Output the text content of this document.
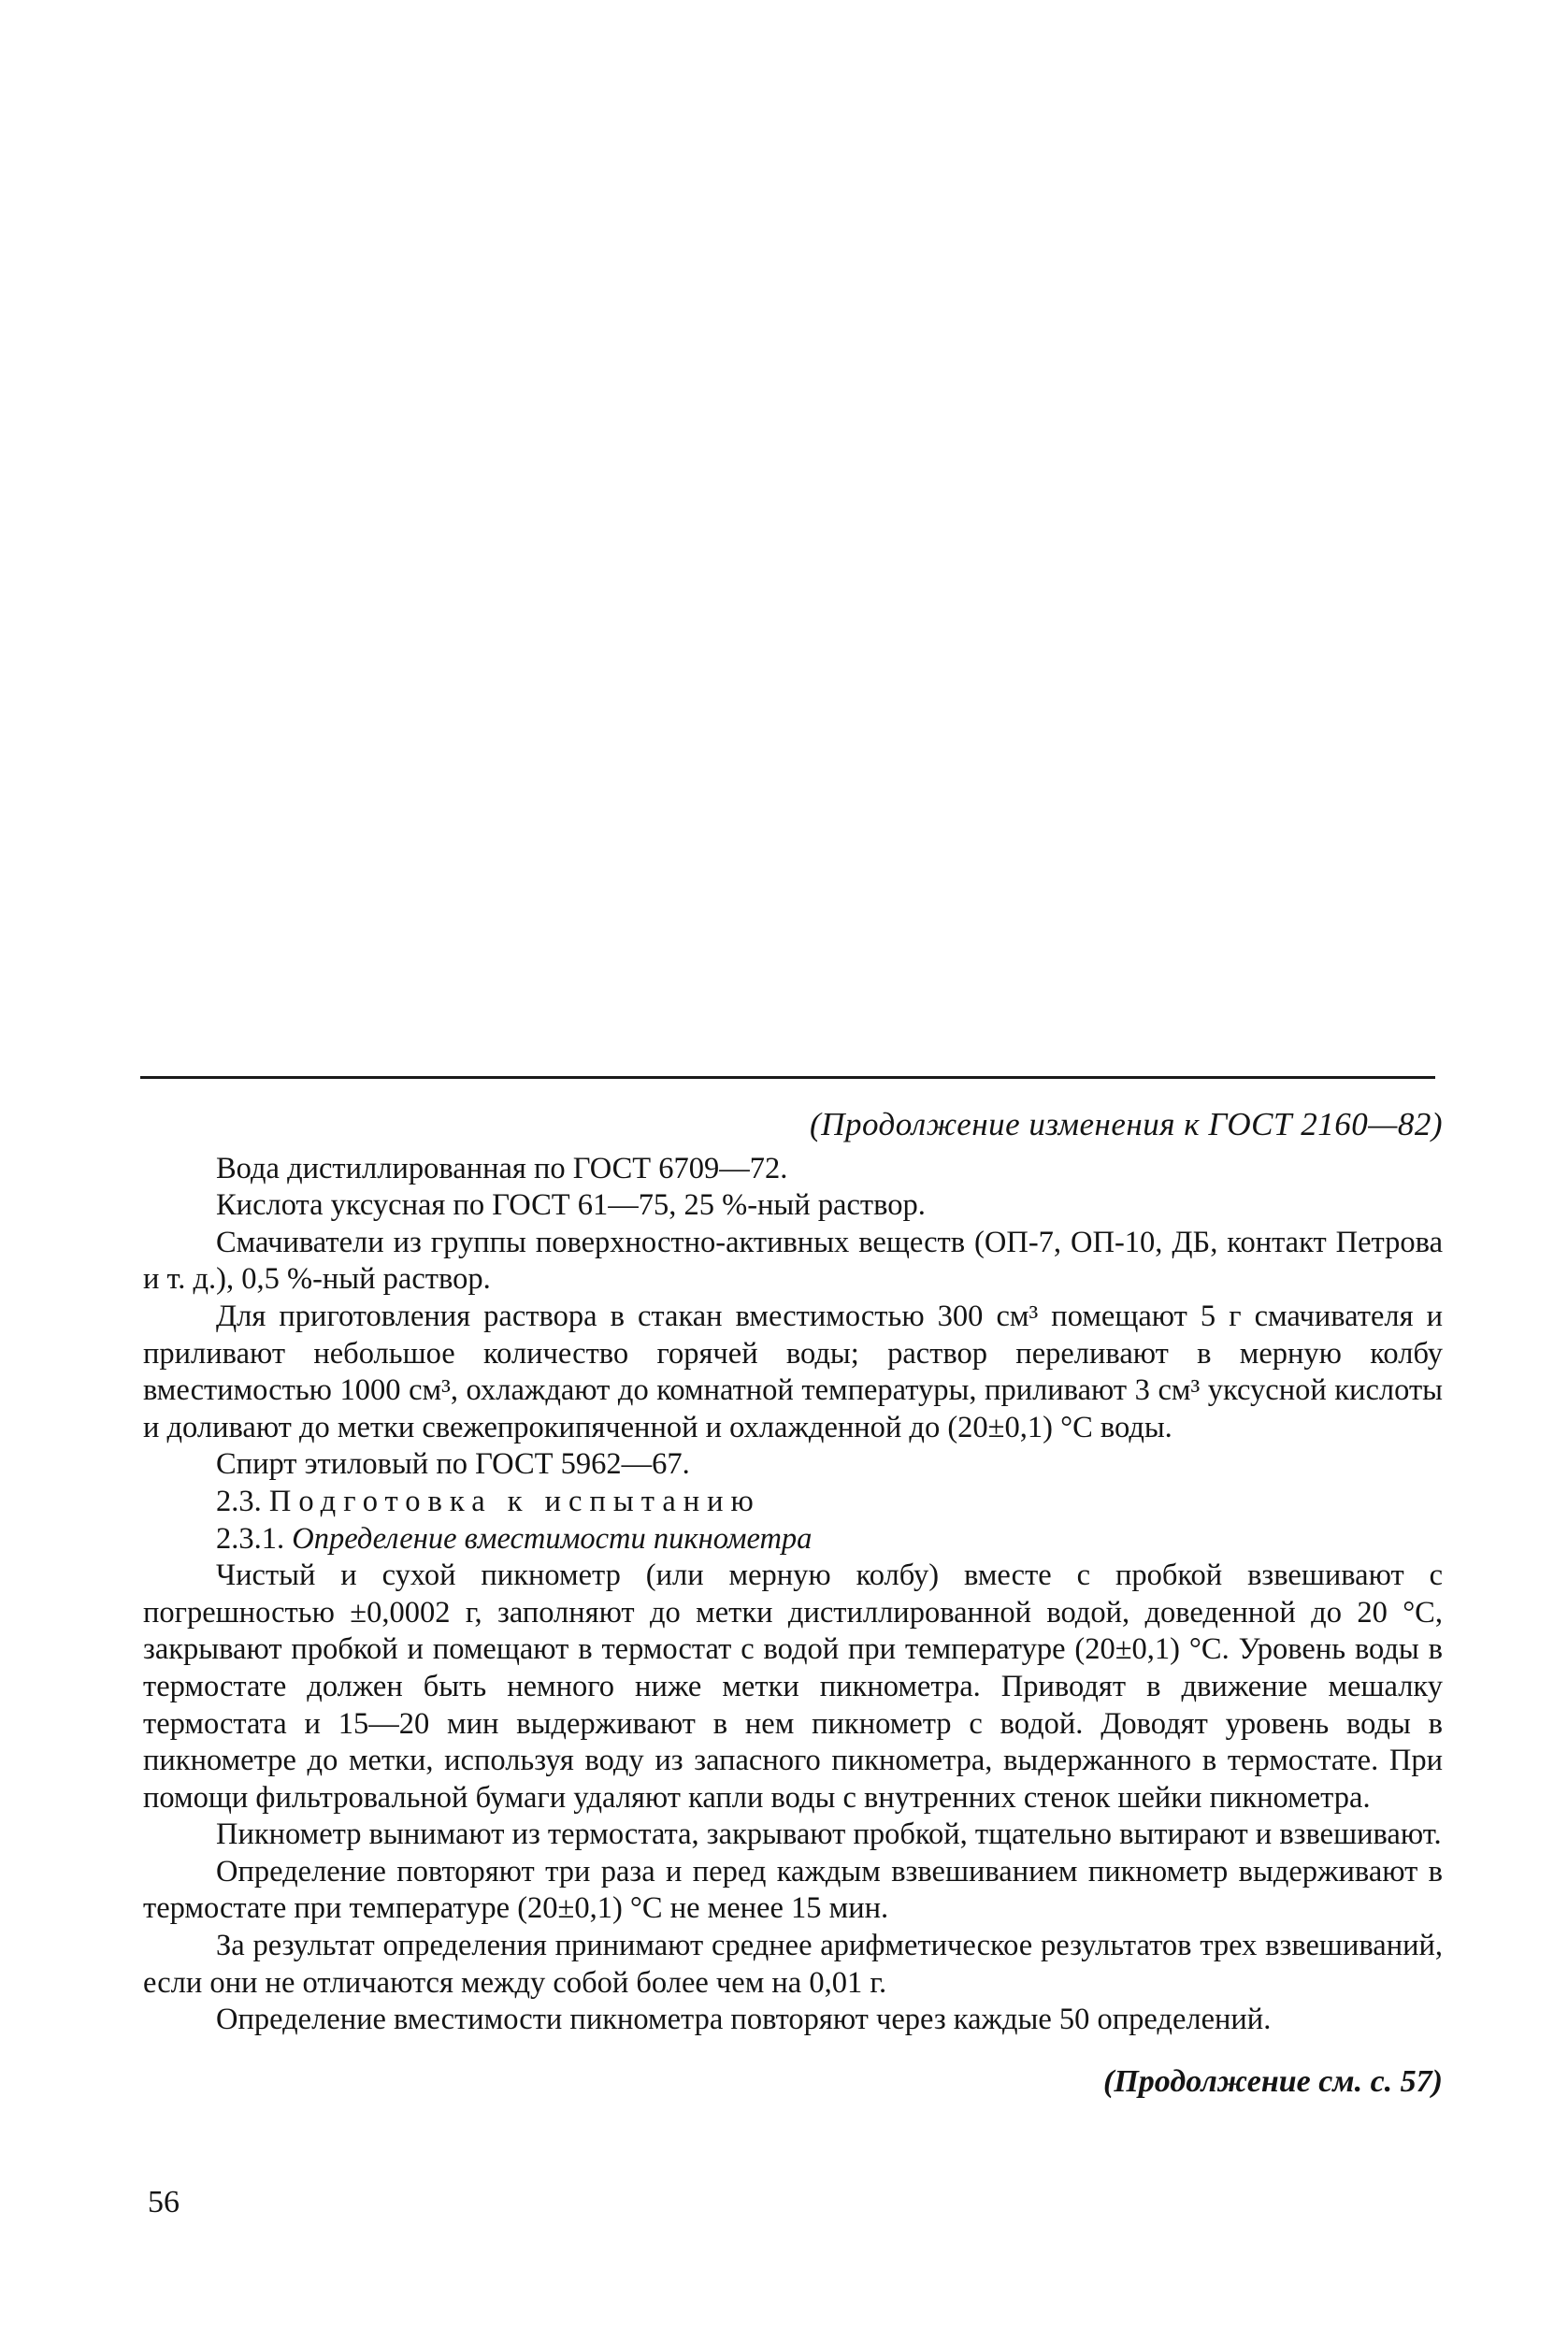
(Продолжение изменения к ГОСТ 2160—82)

Вода дистиллированная по ГОСТ 6709—72.

Кислота уксусная по ГОСТ 61—75, 25 %-ный раствор.

Смачиватели из группы поверхностно-активных веществ (ОП-7, ОП-10, ДБ, контакт Петрова и т. д.), 0,5 %-ный раствор.

Для приготовления раствора в стакан вместимостью 300 см³ помещают 5 г смачивателя и приливают небольшое количество горячей воды; раствор переливают в мерную колбу вместимостью 1000 см³, охлаждают до комнатной температуры, приливают 3 см³ уксусной кислоты и доливают до метки свежепрокипяченной и охлажденной до (20±0,1) °С воды.

Спирт этиловый по ГОСТ 5962—67.

2.3. Подготовка к испытанию

2.3.1. Определение вместимости пикнометра

Чистый и сухой пикнометр (или мерную колбу) вместе с пробкой взвешивают с погрешностью ±0,0002 г, заполняют до метки дистиллированной водой, доведенной до 20 °С, закрывают пробкой и помещают в термостат с водой при температуре (20±0,1) °С. Уровень воды в термостате должен быть немного ниже метки пикнометра. Приводят в движение мешалку термостата и 15—20 мин выдерживают в нем пикнометр с водой. Доводят уровень воды в пикнометре до метки, используя воду из запасного пикнометра, выдержанного в термостате. При помощи фильтровальной бумаги удаляют капли воды с внутренних стенок шейки пикнометра.

Пикнометр вынимают из термостата, закрывают пробкой, тщательно вытирают и взвешивают.

Определение повторяют три раза и перед каждым взвешиванием пикнометр выдерживают в термостате при температуре (20±0,1) °С не менее 15 мин.

За результат определения принимают среднее арифметическое результатов трех взвешиваний, если они не отличаются между собой более чем на 0,01 г.

Определение вместимости пикнометра повторяют через каждые 50 определений.

(Продолжение см. с. 57)
56
